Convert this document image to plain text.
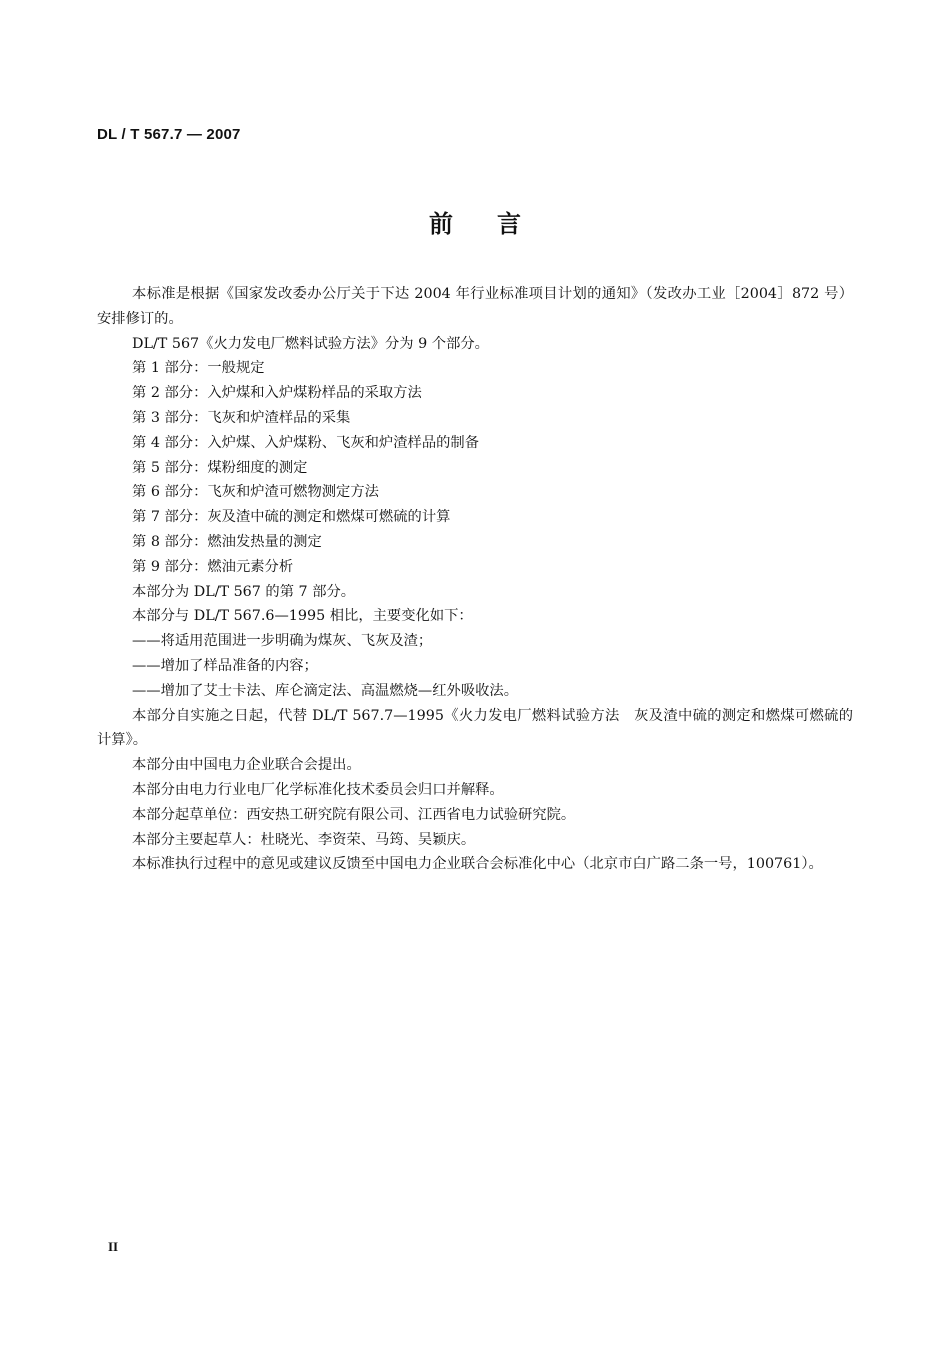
DL / T 567.7 — 2007
前言

本标准是根据《国家发改委办公厅关于下达 2004 年行业标准项目计划的通知》（发改办工业［2004］872 号）安排修订的。

DL/T 567《火力发电厂燃料试验方法》分为 9 个部分。

第 1 部分：一般规定

第 2 部分：入炉煤和入炉煤粉样品的采取方法

第 3 部分：飞灰和炉渣样品的采集

第 4 部分：入炉煤、入炉煤粉、飞灰和炉渣样品的制备

第 5 部分：煤粉细度的测定

第 6 部分：飞灰和炉渣可燃物测定方法

第 7 部分：灰及渣中硫的测定和燃煤可燃硫的计算

第 8 部分：燃油发热量的测定

第 9 部分：燃油元素分析

本部分为 DL/T 567 的第 7 部分。

本部分与 DL/T 567.6—1995 相比，主要变化如下：

——将适用范围进一步明确为煤灰、飞灰及渣；

——增加了样品准备的内容；

——增加了艾士卡法、库仑滴定法、高温燃烧—红外吸收法。

本部分自实施之日起，代替 DL/T 567.7—1995《火力发电厂燃料试验方法　灰及渣中硫的测定和燃煤可燃硫的计算》。

本部分由中国电力企业联合会提出。

本部分由电力行业电厂化学标准化技术委员会归口并解释。

本部分起草单位：西安热工研究院有限公司、江西省电力试验研究院。

本部分主要起草人：杜晓光、李资荣、马筠、吴颖庆。

本标准执行过程中的意见或建议反馈至中国电力企业联合会标准化中心（北京市白广路二条一号，100761）。

II
